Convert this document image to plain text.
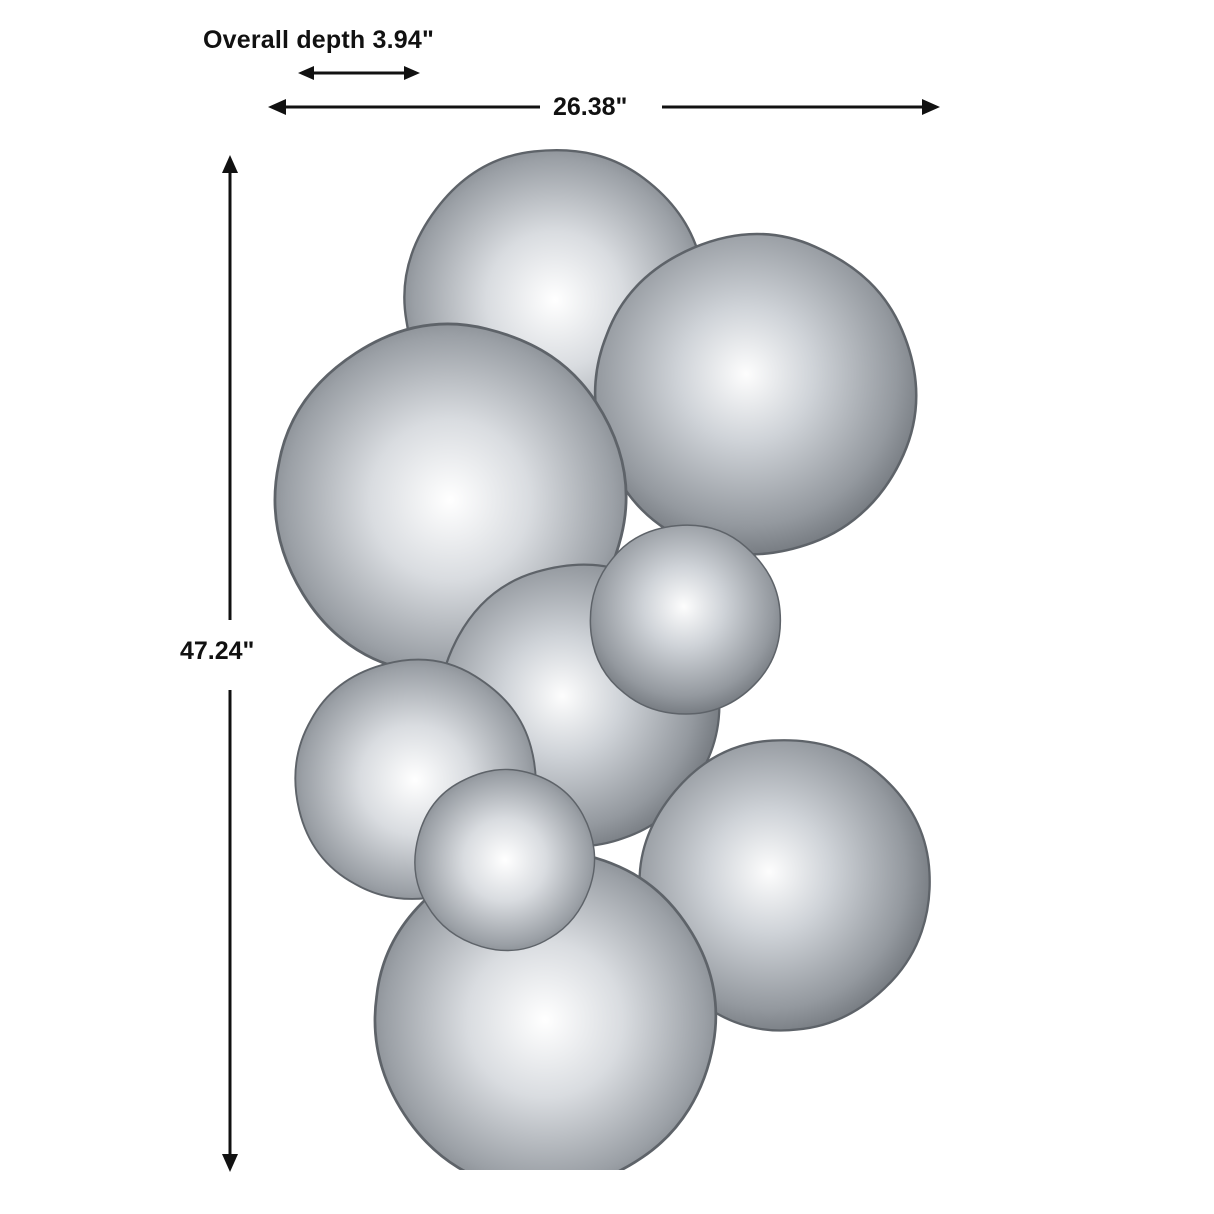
Overall depth 3.94"
26.38"
47.24"
